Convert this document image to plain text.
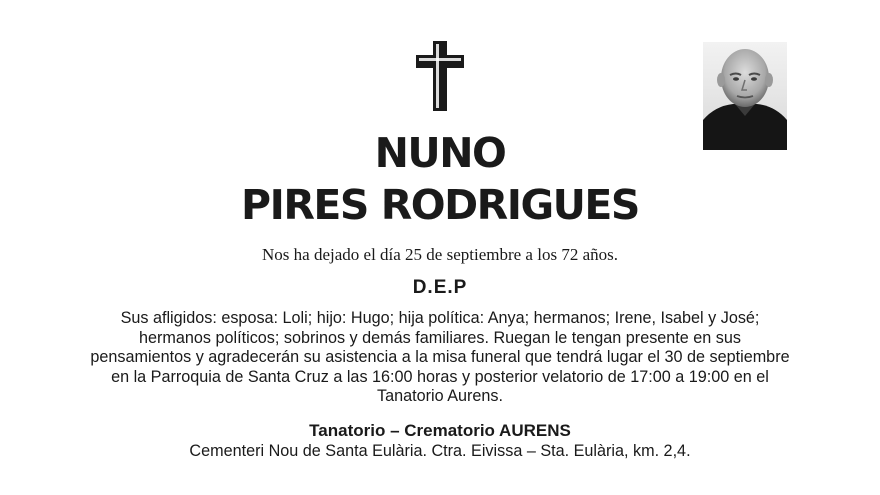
NUNO
PIRES RODRIGUES
Nos ha dejado el día 25 de septiembre a los 72 años.
D.E.P
Sus afligidos: esposa: Loli; hijo: Hugo; hija política: Anya; hermanos; Irene, Isabel y José; hermanos políticos; sobrinos y demás familiares. Ruegan le tengan presente en sus pensamientos y agradecerán su asistencia a la misa funeral que tendrá lugar el 30 de septiembre en la Parroquia de Santa Cruz a las 16:00 horas y posterior velatorio de 17:00 a 19:00 en el Tanatorio Aurens.
Tanatorio – Crematorio AURENS
Cementeri Nou de Santa Eulària. Ctra. Eivissa – Sta. Eulària, km. 2,4.
